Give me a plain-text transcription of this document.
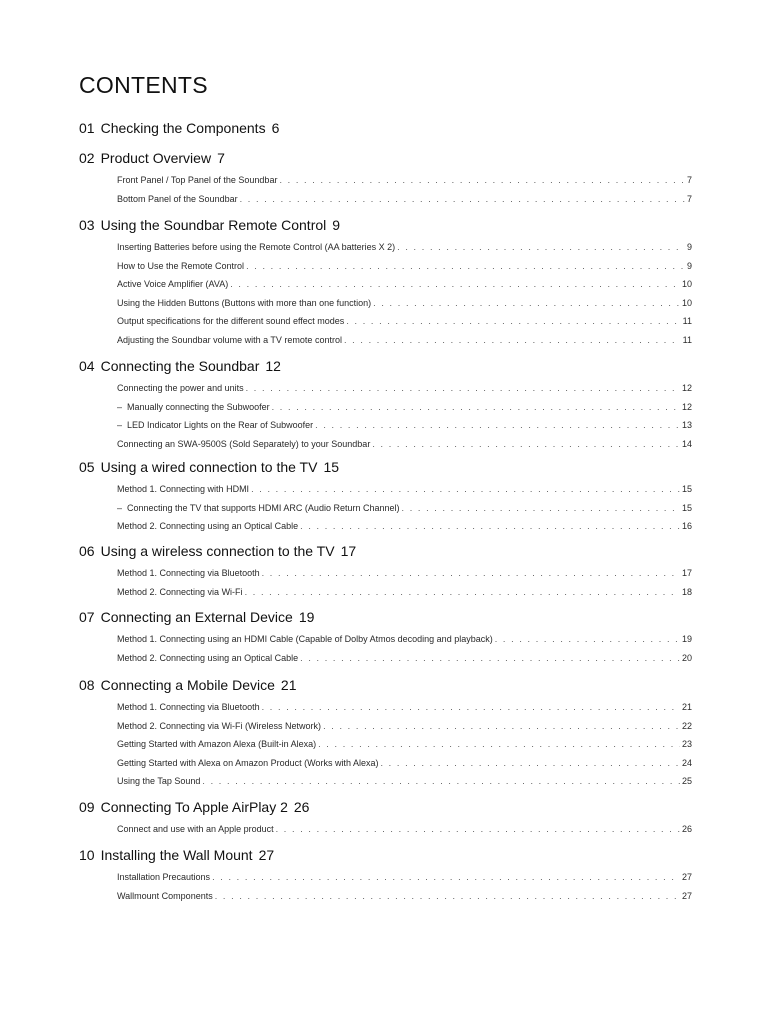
CONTENTS
01 Checking the Components 6
02 Product Overview 7
Front Panel / Top Panel of the Soundbar . . .	7
Bottom Panel of the Soundbar . . .	7
03 Using the Soundbar Remote Control 9
Inserting Batteries before using the Remote Control (AA batteries X 2) . . .	9
How to Use the Remote Control . . .	9
Active Voice Amplifier (AVA) . . .	10
Using the Hidden Buttons (Buttons with more than one function) . . .	10
Output specifications for the different sound effect modes . . .	11
Adjusting the Soundbar volume with a TV remote control . . .	11
04 Connecting the Soundbar 12
Connecting the power and units . . .	12
–  Manually connecting the Subwoofer . . .	12
–  LED Indicator Lights on the Rear of Subwoofer . . .	13
Connecting an SWA-9500S (Sold Separately) to your Soundbar . . .	14
05 Using a wired connection to the TV 15
Method 1. Connecting with HDMI . . .	15
–  Connecting the TV that supports HDMI ARC (Audio Return Channel) . . .	15
Method 2. Connecting using an Optical Cable . . .	16
06 Using a wireless connection to the TV 17
Method 1. Connecting via Bluetooth . . .	17
Method 2. Connecting via Wi-Fi . . .	18
07 Connecting an External Device 19
Method 1. Connecting using an HDMI Cable (Capable of Dolby Atmos decoding and playback) . . .	19
Method 2. Connecting using an Optical Cable . . .	20
08 Connecting a Mobile Device 21
Method 1. Connecting via Bluetooth . . .	21
Method 2. Connecting via Wi-Fi (Wireless Network) . . .	22
Getting Started with Amazon Alexa (Built-in Alexa) . . .	23
Getting Started with Alexa on Amazon Product (Works with Alexa) . . .	24
Using the Tap Sound . . .	25
09 Connecting To Apple AirPlay 2 26
Connect and use with an Apple product . . .	26
10 Installing the Wall Mount 27
Installation Precautions . . .	27
Wallmount Components . . .	27
